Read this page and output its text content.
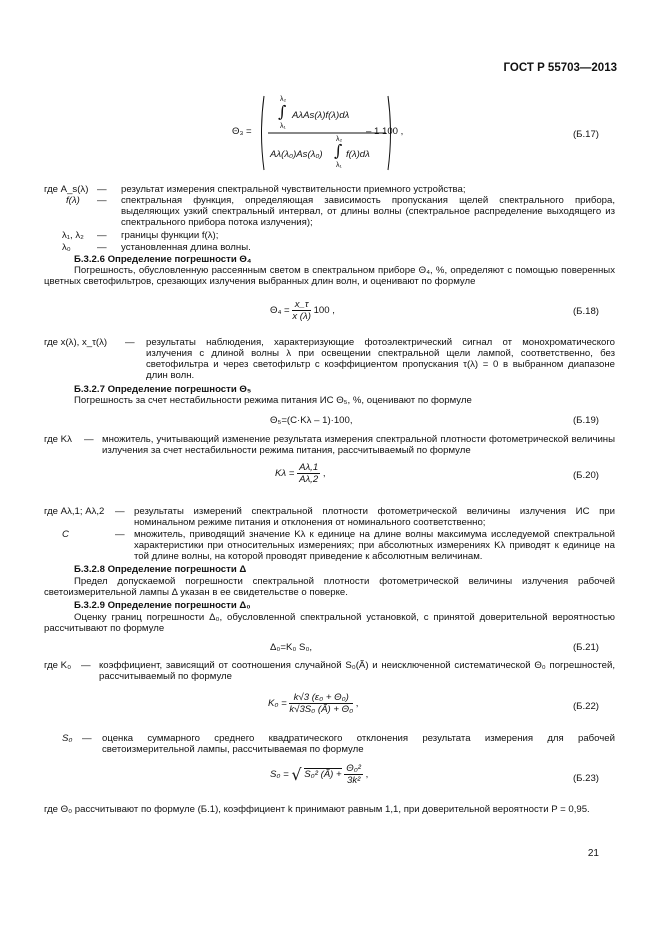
ГОСТ Р 55703—2013
Θ₃ =
λ₂
∫
λ₁
AλAs(λ)f(λ)dλ
Aλ(λ₀)As(λ₀)
λ₂
∫
λ₁
f(λ)dλ
– 1 100 ,	(Б.17)
где A_s(λ) — результат измерения спектральной чувствительности приемного устройства;
f(λ) — спектральная функция, определяющая зависимость пропускания щелей спектрального прибора, выделяющих узкий спектральный интервал, от длины волны (спектральное распределение выходящего из спектрального прибора потока излучения);
λ₁, λ₂ — границы функции f(λ);
λ₀	— установленная длина волны.
Б.3.2.6 Определение погрешности Θ₄
Погрешность, обусловленную рассеянным светом в спектральном приборе Θ₄, %, определяют с помощью поверенных цветных светофильтров, срезающих излучения выбранных длин волн, и оценивают по формуле
$\Theta_4 = \frac{x\_\tau}{x (\lambda)} 100$ ,	(Б.18)
где x(λ), x_τ(λ) — результаты наблюдения, характеризующие фотоэлектрический сигнал от монохроматического излучения с длиной волны λ при освещении спектральной щели лампой, соответственно, без светофильтра и через светофильтр с коэффициентом пропускания τ(λ) = 0 в выбранном диапазоне длин волн.
Б.3.2.7 Определение погрешности Θ₅
Погрешность за счет нестабильности режима питания ИС Θ₅, %, оценивают по формуле
Θ₅=(С·Kλ – 1)·100,	(Б.19)
где Kλ — множитель, учитывающий изменение результата измерения спектральной плотности фотометрической величины излучения за счет нестабильности режима питания, рассчитываемый по формуле
$K\lambda = \frac{A\lambda,1}{A\lambda,2}$ ,	(Б.20)
где Aλ,1; Aλ,2 — результаты измерений спектральной плотности фотометрической величины излучения ИС при номинальном режиме питания и отклонения от номинального соответственно;
С	— множитель, приводящий значение Kλ к единице на длине волны максимума исследуемой спектральной характеристики при относительных измерениях; при абсолютных измерениях Kλ приводят к единице на той длине волны, на которой проводят приведение к абсолютным величинам.
Б.3.2.8 Определение погрешности Δ
Предел допускаемой погрешности спектральной плотности фотометрической величины излучения рабочей светоизмерительной лампы Δ указан в ее свидетельстве о поверке.
Б.3.2.9 Определение погрешности Δ₀
Оценку границ погрешности Δ₀, обусловленной спектральной установкой, с принятой доверительной вероятностью рассчитывают по формуле
Δ₀=K₀ S₀,	(Б.21)
где K₀ — коэффициент, зависящий от соотношения случайной S₀(Ã) и неисключенной систематической Θ₀ погрешностей, рассчитываемый по формуле
$K_0 = \frac{\text{k√3 (ε₀ + Θ₀)}}{\text{k√3S₀ (Ã) + Θ₀}}$ ,	(Б.22)
S₀ — оценка суммарного среднего квадратического отклонения результата измерения для рабочей светоизмерительной лампы, рассчитываемая по формуле
S₀ = √ S₀² (Ã) + $\frac{\text{Θ₀²}}{\text{3k²}}$ ,	(Б.23)
где Θ₀ рассчитывают по формуле (Б.1), коэффициент k принимают равным 1,1, при доверительной вероятности P = 0,95.
21
